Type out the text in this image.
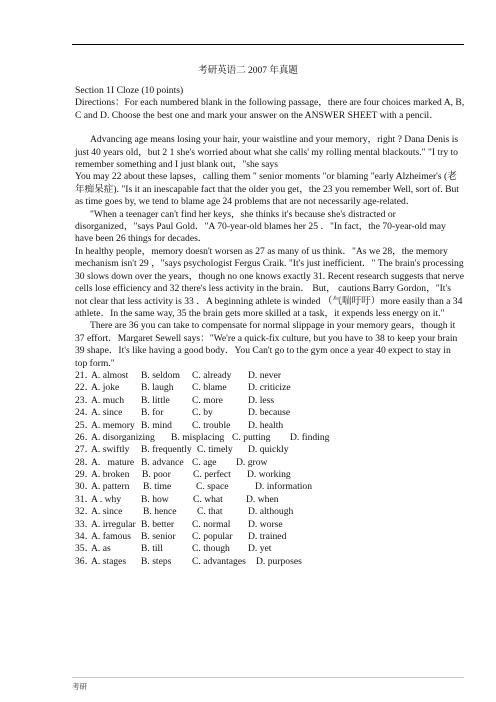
考研英语二 2007 年真题

Section 1I Cloze (10 points)

Directions：For each numbered blank in the following passage，there are four choices marked A, B, C and D. Choose the best one and mark your answer on the ANSWER SHEET with a pencil．

Advancing age means losing your hair, your waistline and your memory，right ? Dana Denis is just 40 years old，but 2 1 she's worried about what she calls' my rolling mental blackouts." "I try to remember something and I just blank out，"she says

You may 22 about these lapses，calling them " senior moments "or blaming "early Alzheimer's (老年痴呆症). "Is it an inescapable fact that the older you get，the 23 you remember Well, sort of. But as time goes by, we tend to blame age 24 problems that are not necessarily age-related．

"When a teenager can't find her keys，she thinks it's because she's distracted or disorganized，"says Paul Gold．"A 70-year-old blames her 25 ．"In fact，the 70-year-old may have been 26 things for decades．

In healthy people，memory doesn't worsen as 27 as many of us think．"As we 28，the memory mechanism isn't 29 ，"says psychologist Fergus Craik. "It's just inefficient．" The brain's processing 30 slows down over the years，though no one knows exactly 31. Recent research suggests that nerve cells lose efficiency and 32 there's less activity in the brain． But， cautions Barry Gordon，"It's not clear that less activity is 33 ．A beginning athlete is winded （气喘吁吁）more easily than a 34 athlete．In the same way, 35 the brain gets more skilled at a task，it expends less energy on it."

There are 36 you can take to compensate for normal slippage in your memory gears，though it 37 effort．Margaret Sewell says："We're a quick-fix culture, but you have to 38 to keep your brain 39 shape．It's like having a good body．You Can't go to the gym once a year 40 expect to stay in top form."

21．
A. almost	B. seldom	C. already	D. never
22．
A. joke	B. laugh	C. blame	D. criticize
23．
A. much	B. little	C. more	D. less
24．
A. since	B. for	C. by	D. because
25．
A. memory B. mind	C. trouble	D. health
26．
A. disorganizing	B. misplacing C. putting	D. finding
27．
A. swiftly	B. frequently C. timely	D. quickly
28．
A.   mature B. advance C. age	D. grow
29．
A. broken	B. poor	C. perfect	D. working
30．
A. pattern	B. time	C. space	D. information
31．
A . why	B. how	C. what	D. when
32．
A. since	B. hence	C. that	D. although
33．
A. irregular B. better	C. normal	D. worse
34．
A. famous	B. senior	C. popular	D. trained
35．
A. as	B. till	C. though	D. yet
36．
A. stages	B. steps	C. advantages	D. purposes
考研
